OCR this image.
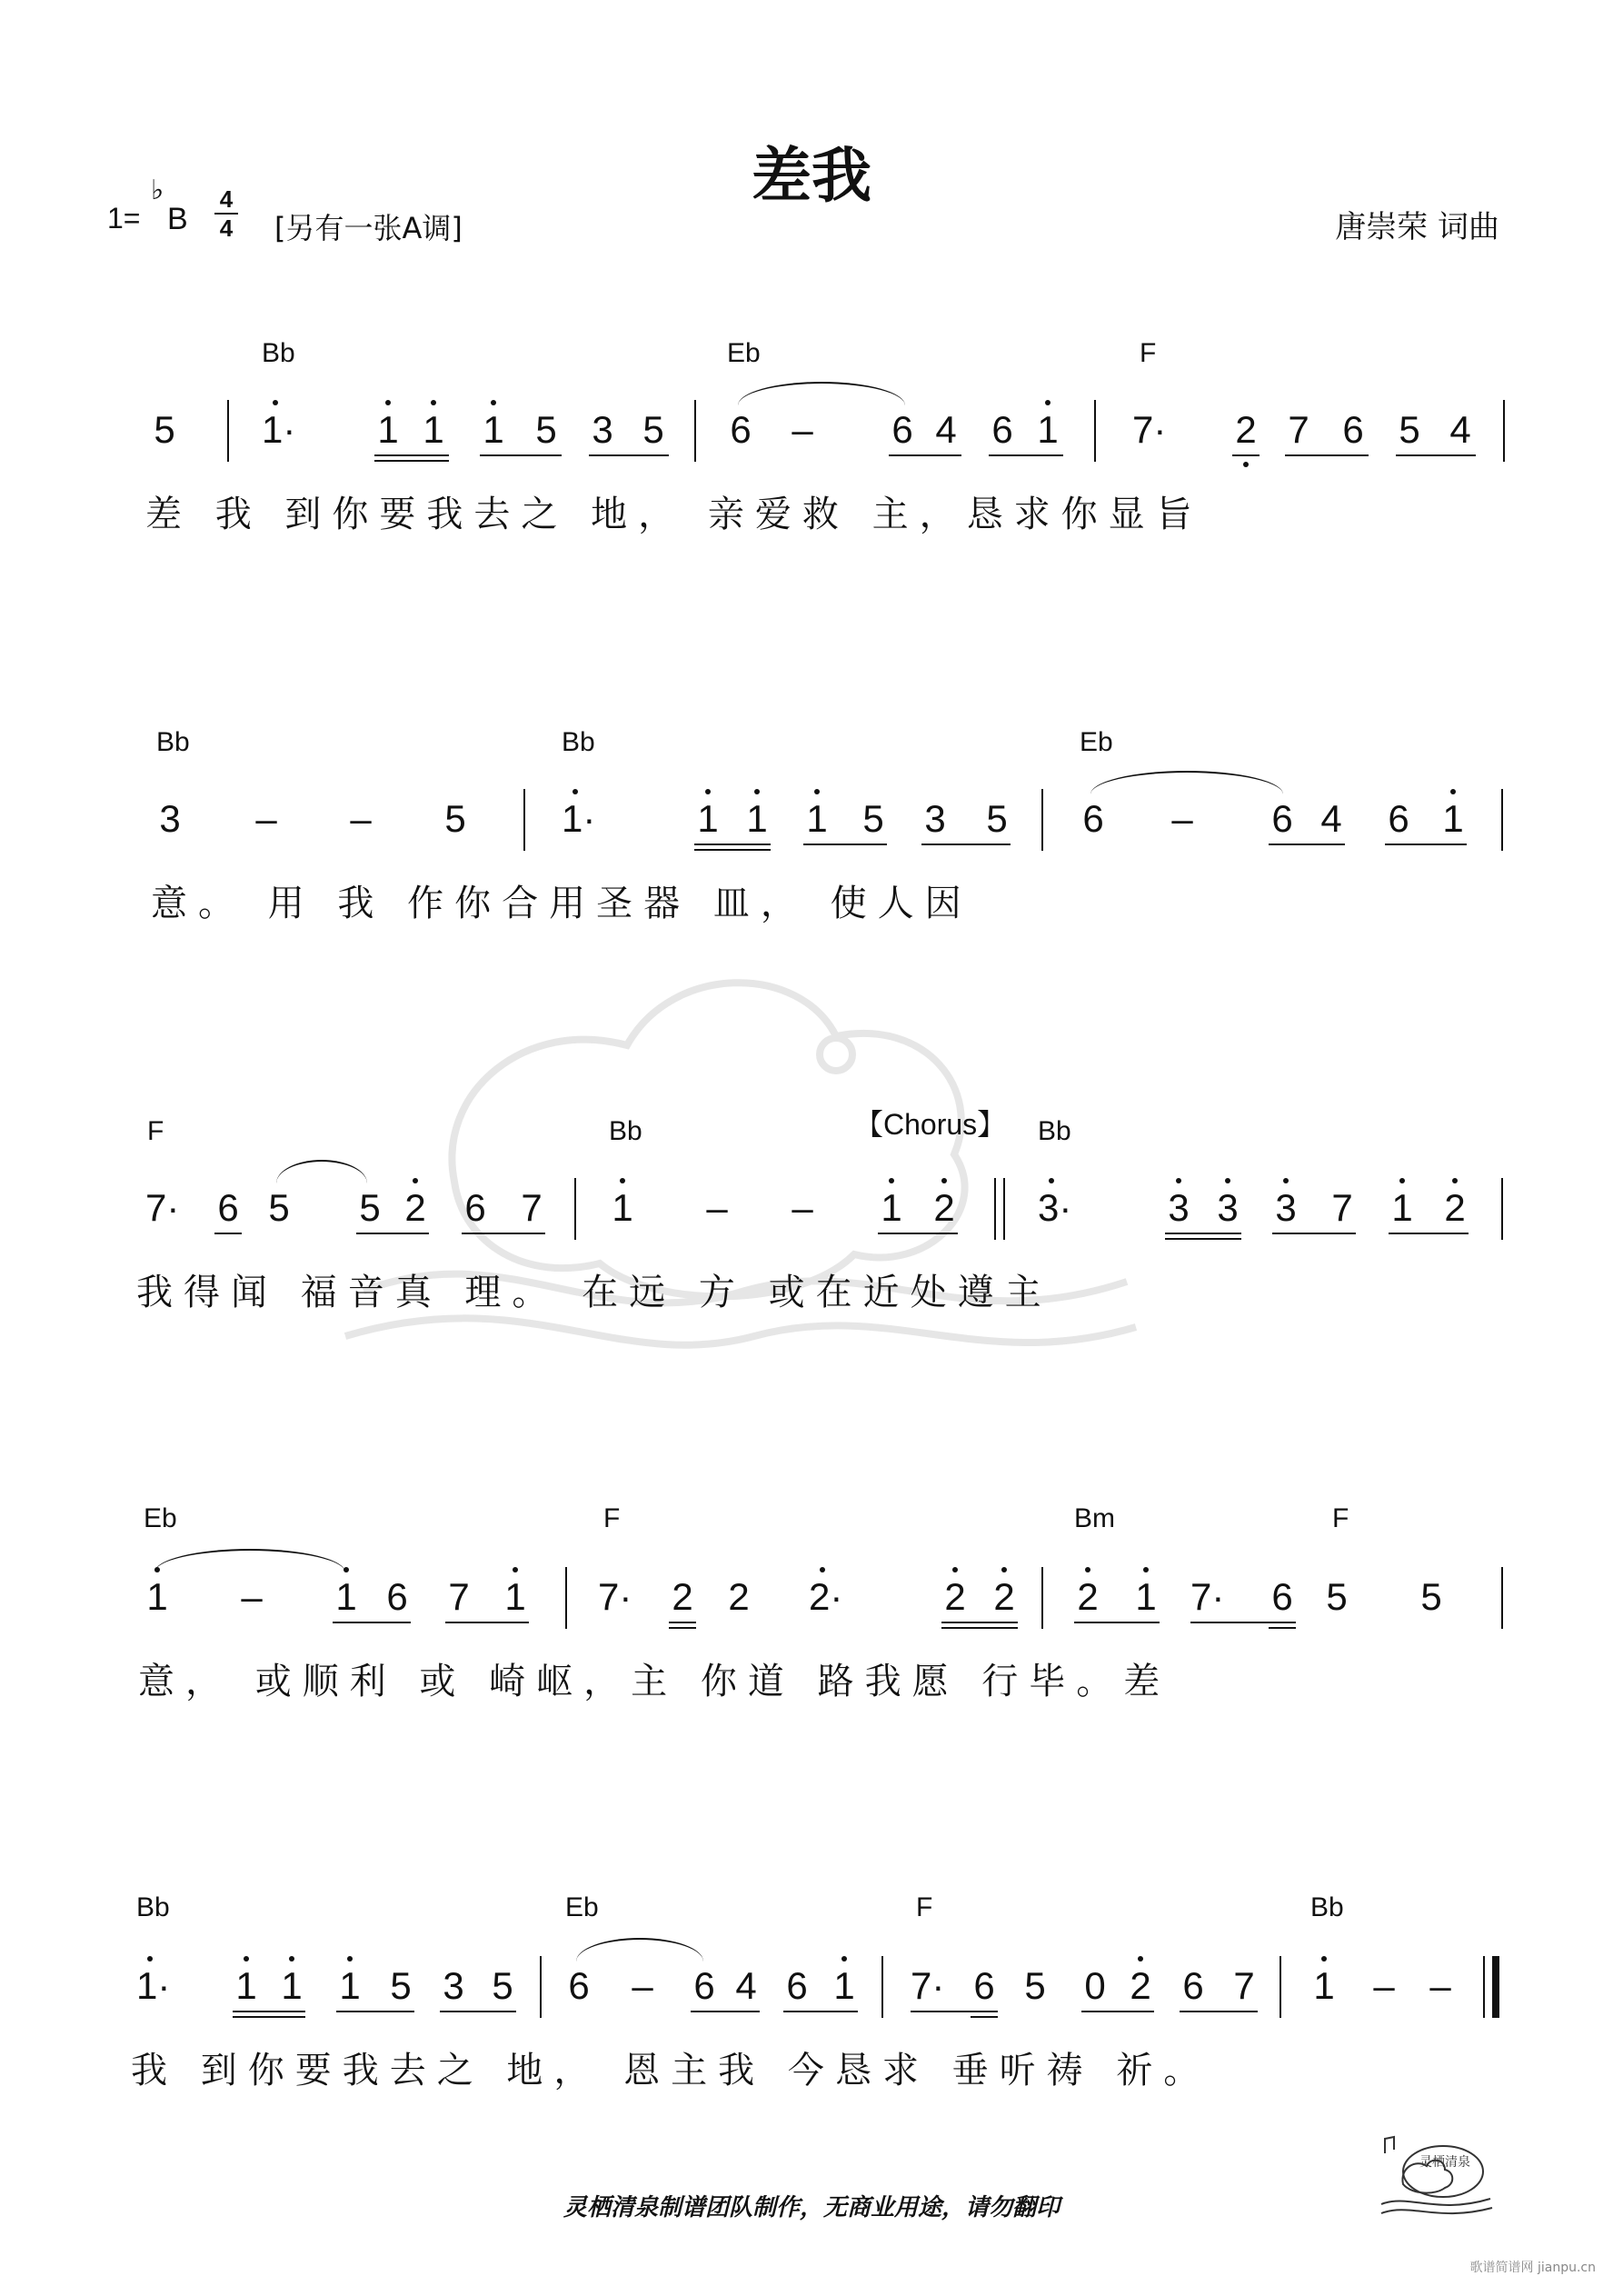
差我
1=
♭
B
4
4 [另有一张A调]	唐崇荣 词曲
Bb	Eb	F
5 1· 1 1 1 5 3 5 6 – 6 4 6 1 7· 2 7 6 5 4
差 我 到你要我去之 地， 亲爱救 主，恳求你显旨
Bb	Bb	Eb
3 – – 5	1·	1 1 1 5 3 5 6 – 6 4 6 1
意。 用 我 作你合用圣器 皿， 使人因
F	Bb	Bb
【Chorus】
7· 6 5 5 2 6 7 1 – – 1 2 3·	3 3 3 7 1 2
我得闻 福音真 理。 在远 方 或在近处遵主
Eb	F	Bm	F
1 – 1 6 7 1 7· 2 2 2·	2 2 2 1 7· 6 5 5
意， 或顺利 或 崎岖，主 你道 路我愿 行毕。差
Bb	Eb	F	Bb
1· 1 1 1 5 3 5 6 – 6 4 6 1 7· 6 5 0 2 6 7 1 – –
我 到你要我去之 地， 恩主我 今恳求 垂听祷 祈。
灵栖清泉制谱团队制作，无商业用途，请勿翻印
灵栖清泉
歌谱简谱网 jianpu.cn
